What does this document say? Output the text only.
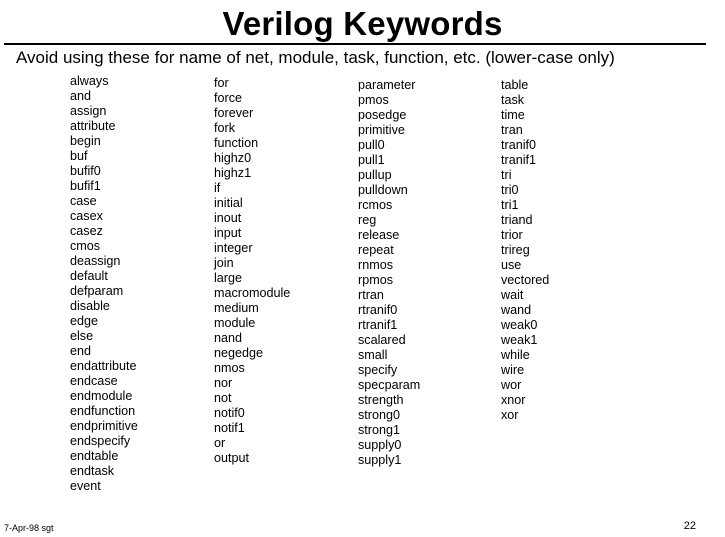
Verilog Keywords
Avoid using these for name of net, module, task, function, etc. (lower-case only)
always
and
assign
attribute
begin
buf
bufif0
bufif1
case
casex
casez
cmos
deassign
default
defparam
disable
edge
else
end
endattribute
endcase
endmodule
endfunction
endprimitive
endspecify
endtable
endtask
event
for
force
forever
fork
function
highz0
highz1
if
initial
inout
input
integer
join
large
macromodule
medium
module
nand
negedge
nmos
nor
not
notif0
notif1
or
output
parameter
pmos
posedge
primitive
pull0
pull1
pullup
pulldown
rcmos
reg
release
repeat
rnmos
rpmos
rtran
rtranif0
rtranif1
scalared
small
specify
specparam
strength
strong0
strong1
supply0
supply1
table
task
time
tran
tranif0
tranif1
tri
tri0
tri1
triand
trior
trireg
use
vectored
wait
wand
weak0
weak1
while
wire
wor
xnor
xor
7-Apr-98 sgt	22
